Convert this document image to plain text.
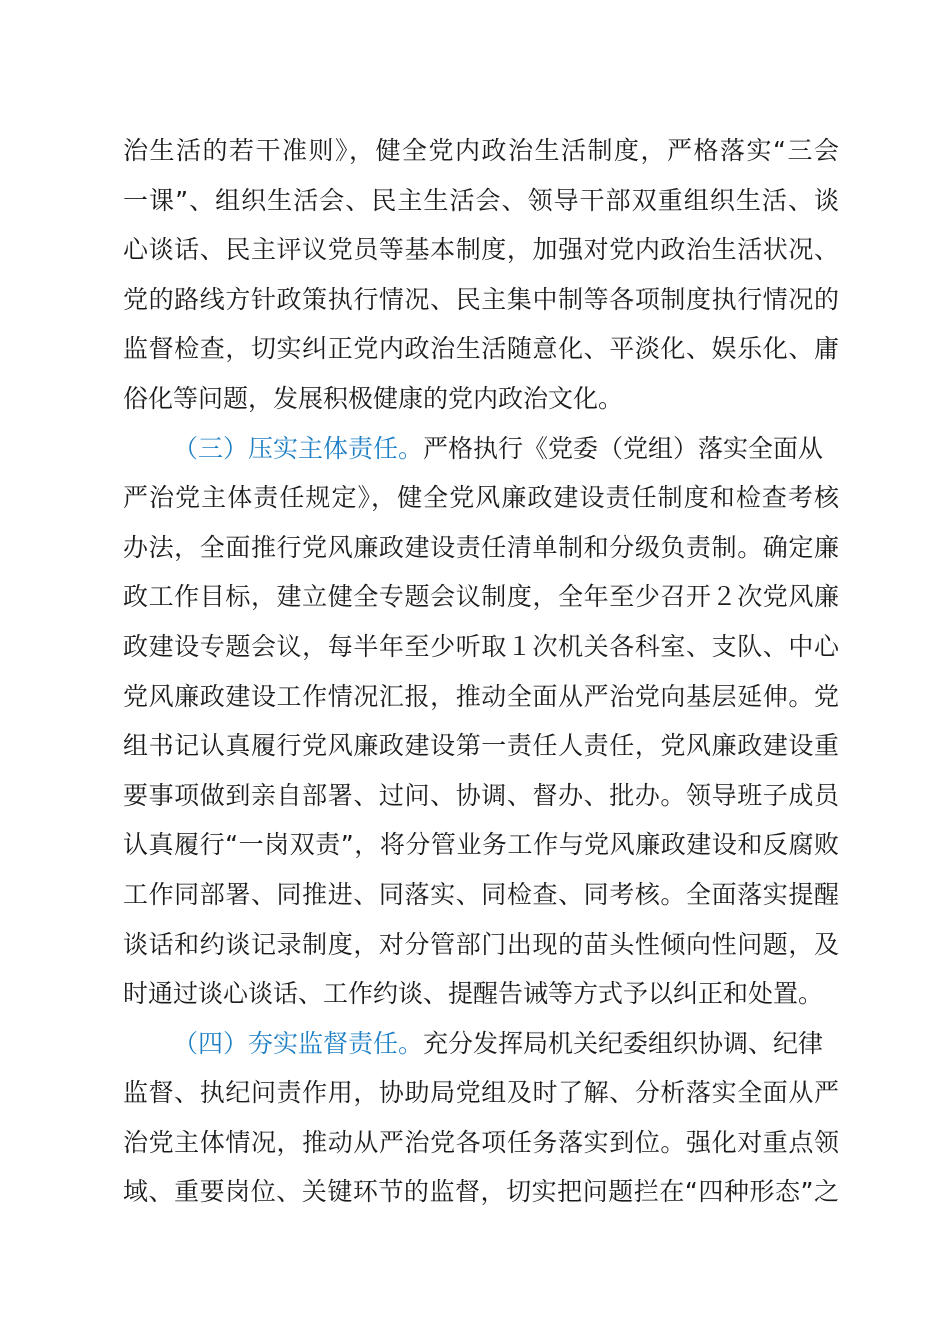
治生活的若干准则》，健全党内政治生活制度，严格落实“三会
一课”、组织生活会、民主生活会、领导干部双重组织生活、谈
心谈话、民主评议党员等基本制度，加强对党内政治生活状况、
党的路线方针政策执行情况、民主集中制等各项制度执行情况的
监督检查，切实纠正党内政治生活随意化、平淡化、娱乐化、庸
俗化等问题，发展积极健康的党内政治文化。
（三）压实主体责任。严格执行《党委（党组）落实全面从
严治党主体责任规定》，健全党风廉政建设责任制度和检查考核
办法，全面推行党风廉政建设责任清单制和分级负责制。确定廉
政工作目标，建立健全专题会议制度，全年至少召开２次党风廉
政建设专题会议，每半年至少听取１次机关各科室、支队、中心
党风廉政建设工作情况汇报，推动全面从严治党向基层延伸。党
组书记认真履行党风廉政建设第一责任人责任，党风廉政建设重
要事项做到亲自部署、过问、协调、督办、批办。领导班子成员
认真履行“一岗双责”，将分管业务工作与党风廉政建设和反腐败
工作同部署、同推进、同落实、同检查、同考核。全面落实提醒
谈话和约谈记录制度，对分管部门出现的苗头性倾向性问题，及
时通过谈心谈话、工作约谈、提醒告诫等方式予以纠正和处置。
（四）夯实监督责任。充分发挥局机关纪委组织协调、纪律
监督、执纪问责作用，协助局党组及时了解、分析落实全面从严
治党主体情况，推动从严治党各项任务落实到位。强化对重点领
域、重要岗位、关键环节的监督，切实把问题拦在“四种形态”之
